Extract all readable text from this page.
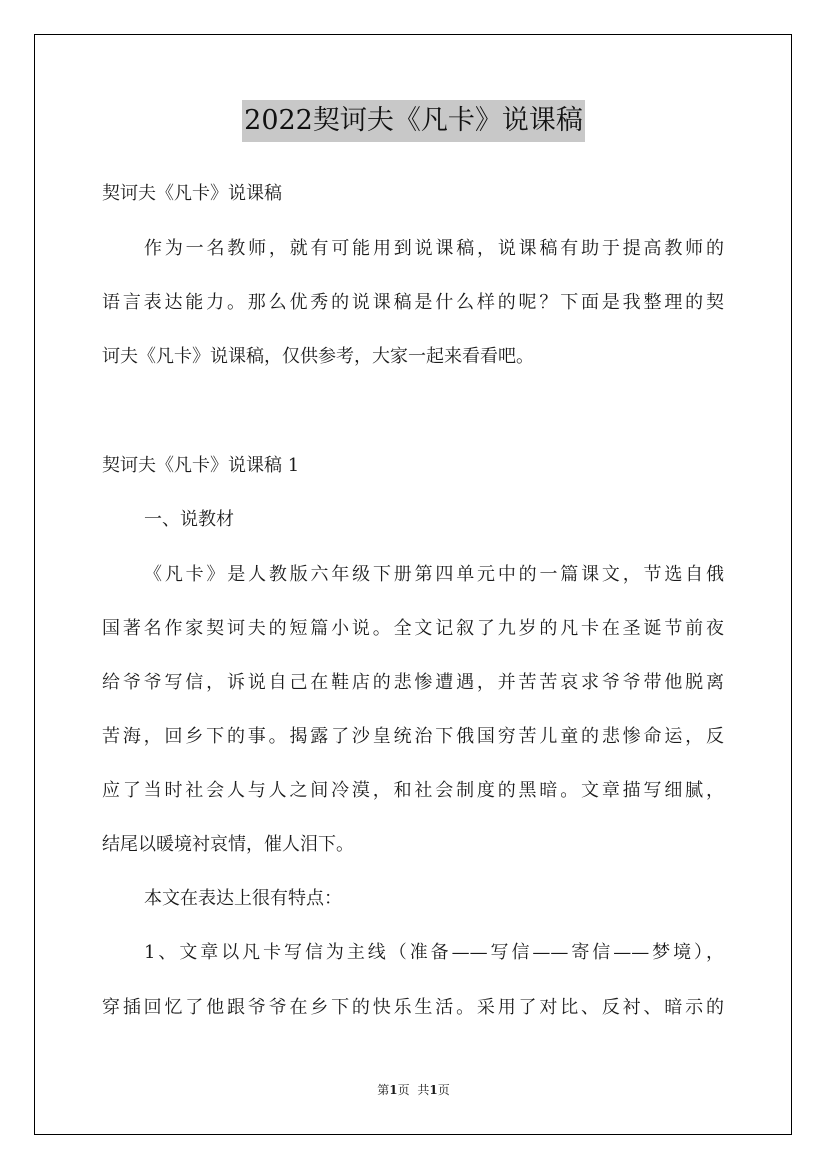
2022契诃夫《凡卡》说课稿
契诃夫《凡卡》说课稿
作为一名教师，就有可能用到说课稿，说课稿有助于提高教师的
语言表达能力。那么优秀的说课稿是什么样的呢？下面是我整理的契
诃夫《凡卡》说课稿，仅供参考，大家一起来看看吧。
契诃夫《凡卡》说课稿 1
一、说教材
《凡卡》是人教版六年级下册第四单元中的一篇课文，节选自俄
国著名作家契诃夫的短篇小说。全文记叙了九岁的凡卡在圣诞节前夜
给爷爷写信，诉说自己在鞋店的悲惨遭遇，并苦苦哀求爷爷带他脱离
苦海，回乡下的事。揭露了沙皇统治下俄国穷苦儿童的悲惨命运，反
应了当时社会人与人之间冷漠，和社会制度的黑暗。文章描写细腻，
结尾以暖境衬哀情，催人泪下。
本文在表达上很有特点：
1、文章以凡卡写信为主线（准备——写信——寄信——梦境），
穿插回忆了他跟爷爷在乡下的快乐生活。采用了对比、反衬、暗示的
第1页 共1页
